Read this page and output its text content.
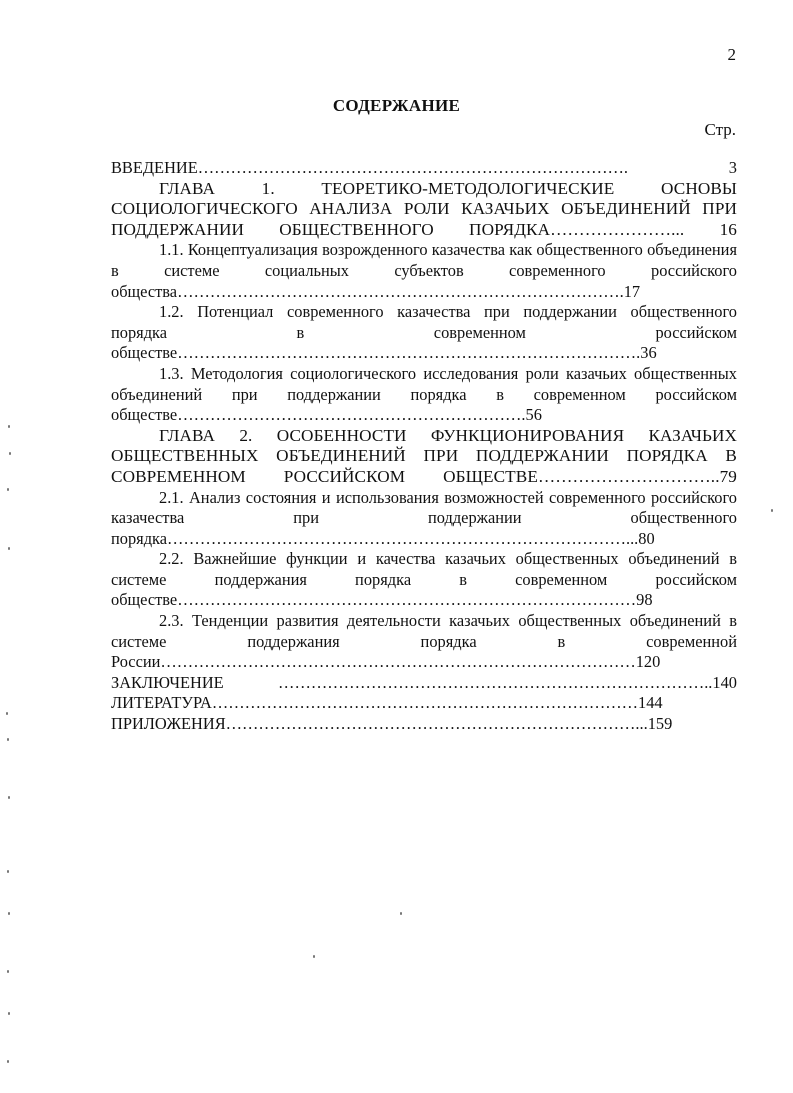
2
СОДЕРЖАНИЕ
Стр.

ВВЕДЕНИЕ……………………………………………………………………. 3

ГЛАВА 1. ТЕОРЕТИКО-МЕТОДОЛОГИЧЕСКИЕ ОСНОВЫ СОЦИОЛОГИЧЕСКОГО АНАЛИЗА РОЛИ КАЗАЧЬИХ ОБЪЕДИНЕНИЙ ПРИ ПОДДЕРЖАНИИ ОБЩЕСТВЕННОГО ПОРЯДКА…………………... 16

1.1. Концептуализация возрожденного казачества как общественного объединения в системе социальных субъектов современного российского общества……………………………………………………………………….17

1.2. Потенциал современного казачества при поддержании общественного порядка в современном российском обществе………………………………………………………………………….36

1.3. Методология социологического исследования роли казачьих общественных объединений при поддержании порядка в современном российском обществе……………………………………………………….56

ГЛАВА 2. ОСОБЕННОСТИ ФУНКЦИОНИРОВАНИЯ КАЗАЧЬИХ ОБЩЕСТВЕННЫХ ОБЪЕДИНЕНИЙ ПРИ ПОДДЕРЖАНИИ ПОРЯДКА В СОВРЕМЕННОМ РОССИЙСКОМ ОБЩЕСТВЕ…………………………..79

2.1. Анализ состояния и использования возможностей современного российского казачества при поддержании общественного порядка…………………………………………………………………………...80

2.2. Важнейшие функции и качества казачьих общественных объединений в системе поддержания порядка в современном российском обществе…………………………………………………………………………98

2.3. Тенденции развития деятельности казачьих общественных объединений в системе поддержания порядка в современной России……………………………………………………………………………120

ЗАКЛЮЧЕНИЕ ……………………………………………………………………..140

ЛИТЕРАТУРА……………………………………………………………………144

ПРИЛОЖЕНИЯ…………………………………………………………………...159
